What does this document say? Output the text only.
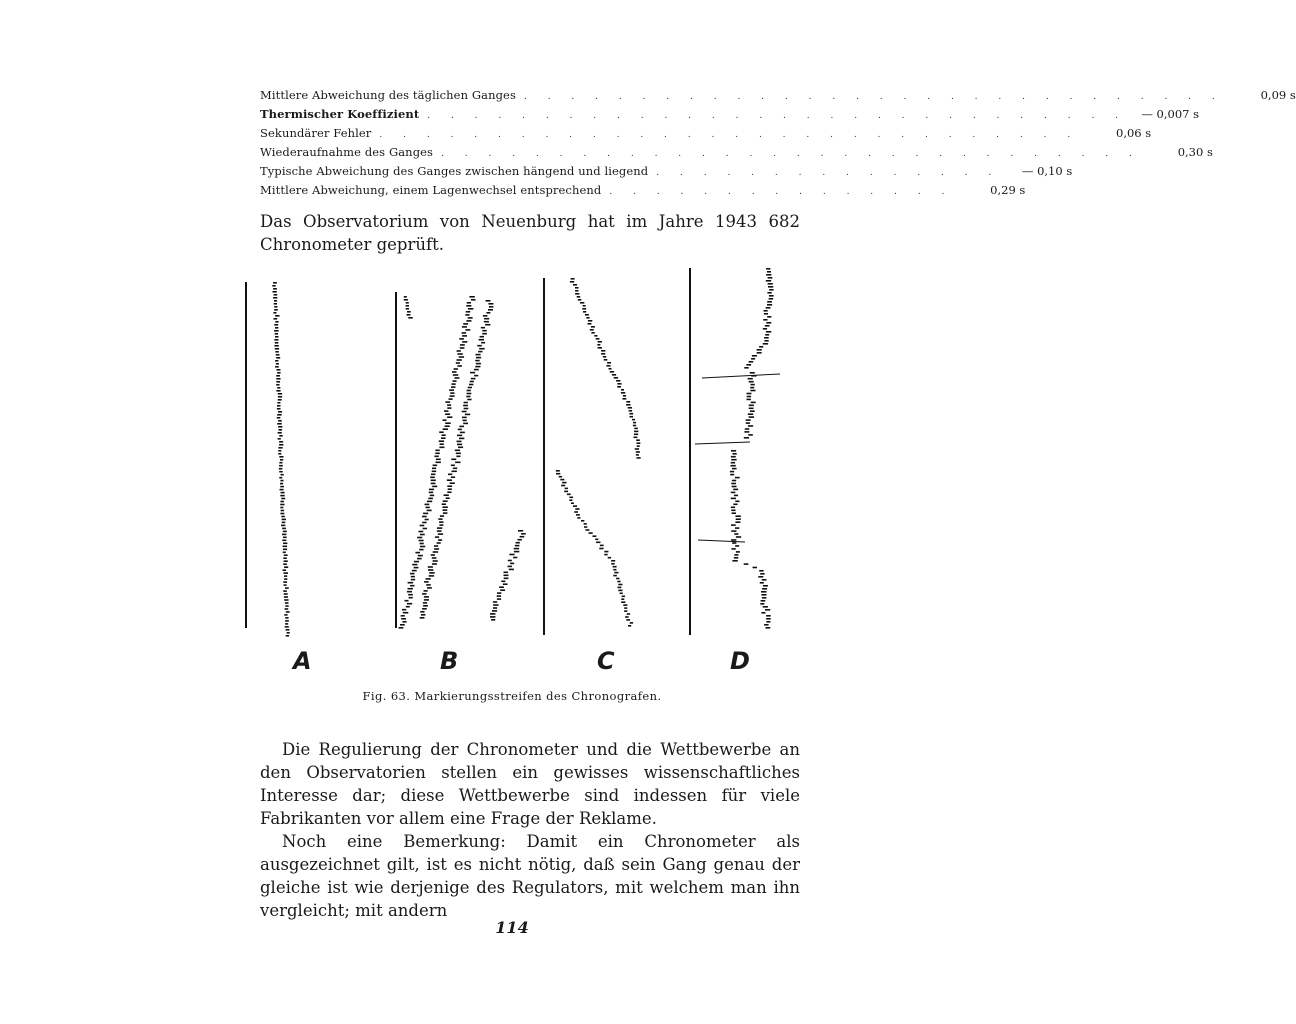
Mittlere Abweichung des täglichen Ganges . . . . . . . . . . . . . . . . . . . . . . . . . . . . . .	0,09 s
Thermischer Koeffizient . . . . . . . . . . . . . . . . . . . . . . . . . . . . . .	— 0,007 s
Sekundärer Fehler . . . . . . . . . . . . . . . . . . . . . . . . . . . . . .	0,06 s
Wiederaufnahme des Ganges . . . . . . . . . . . . . . . . . . . . . . . . . . . . . .	0,30 s
Typische Abweichung des Ganges zwischen hängend und liegend . . . . . . . . . . . . . . .	— 0,10 s
Mittlere Abweichung, einem Lagenwechsel entsprechend . . . . . . . . . . . . . . .	0,29 s

Das Observatorium von Neuenburg hat im Jahre 1943 682 Chronometer geprüft.

A	B	C	D
Fig. 63. Markierungsstreifen des Chronografen.

Die Regulierung der Chronometer und die Wettbewerbe an den Observatorien stellen ein gewisses wissenschaftliches Interesse dar; diese Wettbewerbe sind indessen für viele Fabrikanten vor allem eine Frage der Reklame.

Noch eine Bemerkung: Damit ein Chronometer als ausgezeichnet gilt, ist es nicht nötig, daß sein Gang genau der gleiche ist wie derjenige des Regulators, mit welchem man ihn vergleicht; mit andern

114
